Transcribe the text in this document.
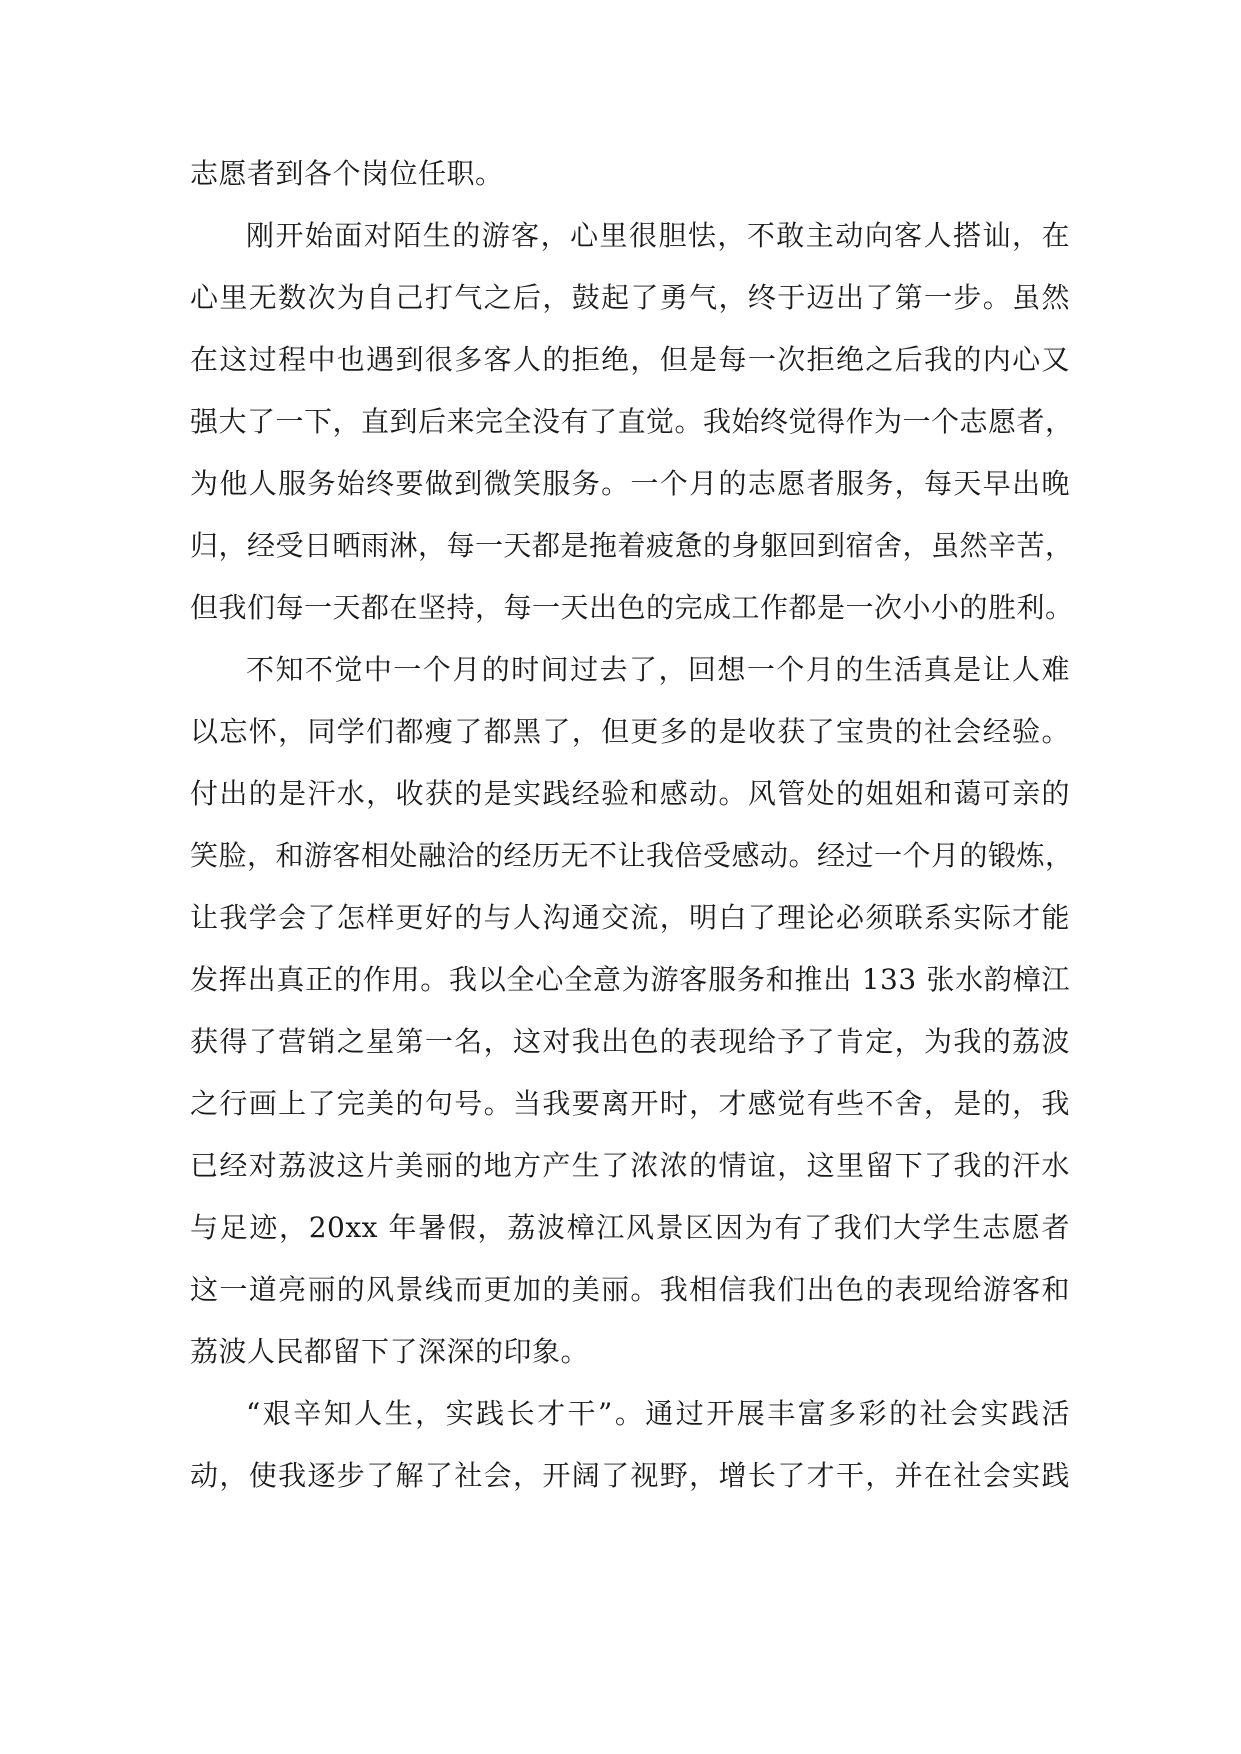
志愿者到各个岗位任职。
刚开始面对陌生的游客，心里很胆怯，不敢主动向客人搭讪，在
心里无数次为自己打气之后，鼓起了勇气，终于迈出了第一步。虽然
在这过程中也遇到很多客人的拒绝，但是每一次拒绝之后我的内心又
强大了一下，直到后来完全没有了直觉。我始终觉得作为一个志愿者，
为他人服务始终要做到微笑服务。一个月的志愿者服务，每天早出晚
归，经受日晒雨淋，每一天都是拖着疲惫的身躯回到宿舍，虽然辛苦，
但我们每一天都在坚持，每一天出色的完成工作都是一次小小的胜利。
不知不觉中一个月的时间过去了，回想一个月的生活真是让人难
以忘怀，同学们都瘦了都黑了，但更多的是收获了宝贵的社会经验。
付出的是汗水，收获的是实践经验和感动。风管处的姐姐和蔼可亲的
笑脸，和游客相处融洽的经历无不让我倍受感动。经过一个月的锻炼，
让我学会了怎样更好的与人沟通交流，明白了理论必须联系实际才能
发挥出真正的作用。我以全心全意为游客服务和推出 133 张水韵樟江
获得了营销之星第一名，这对我出色的表现给予了肯定，为我的荔波
之行画上了完美的句号。当我要离开时，才感觉有些不舍，是的，我
已经对荔波这片美丽的地方产生了浓浓的情谊，这里留下了我的汗水
与足迹，20xx 年暑假，荔波樟江风景区因为有了我们大学生志愿者
这一道亮丽的风景线而更加的美丽。我相信我们出色的表现给游客和
荔波人民都留下了深深的印象。
“艰辛知人生，实践长才干”。通过开展丰富多彩的社会实践活
动，使我逐步了解了社会，开阔了视野，增长了才干，并在社会实践
